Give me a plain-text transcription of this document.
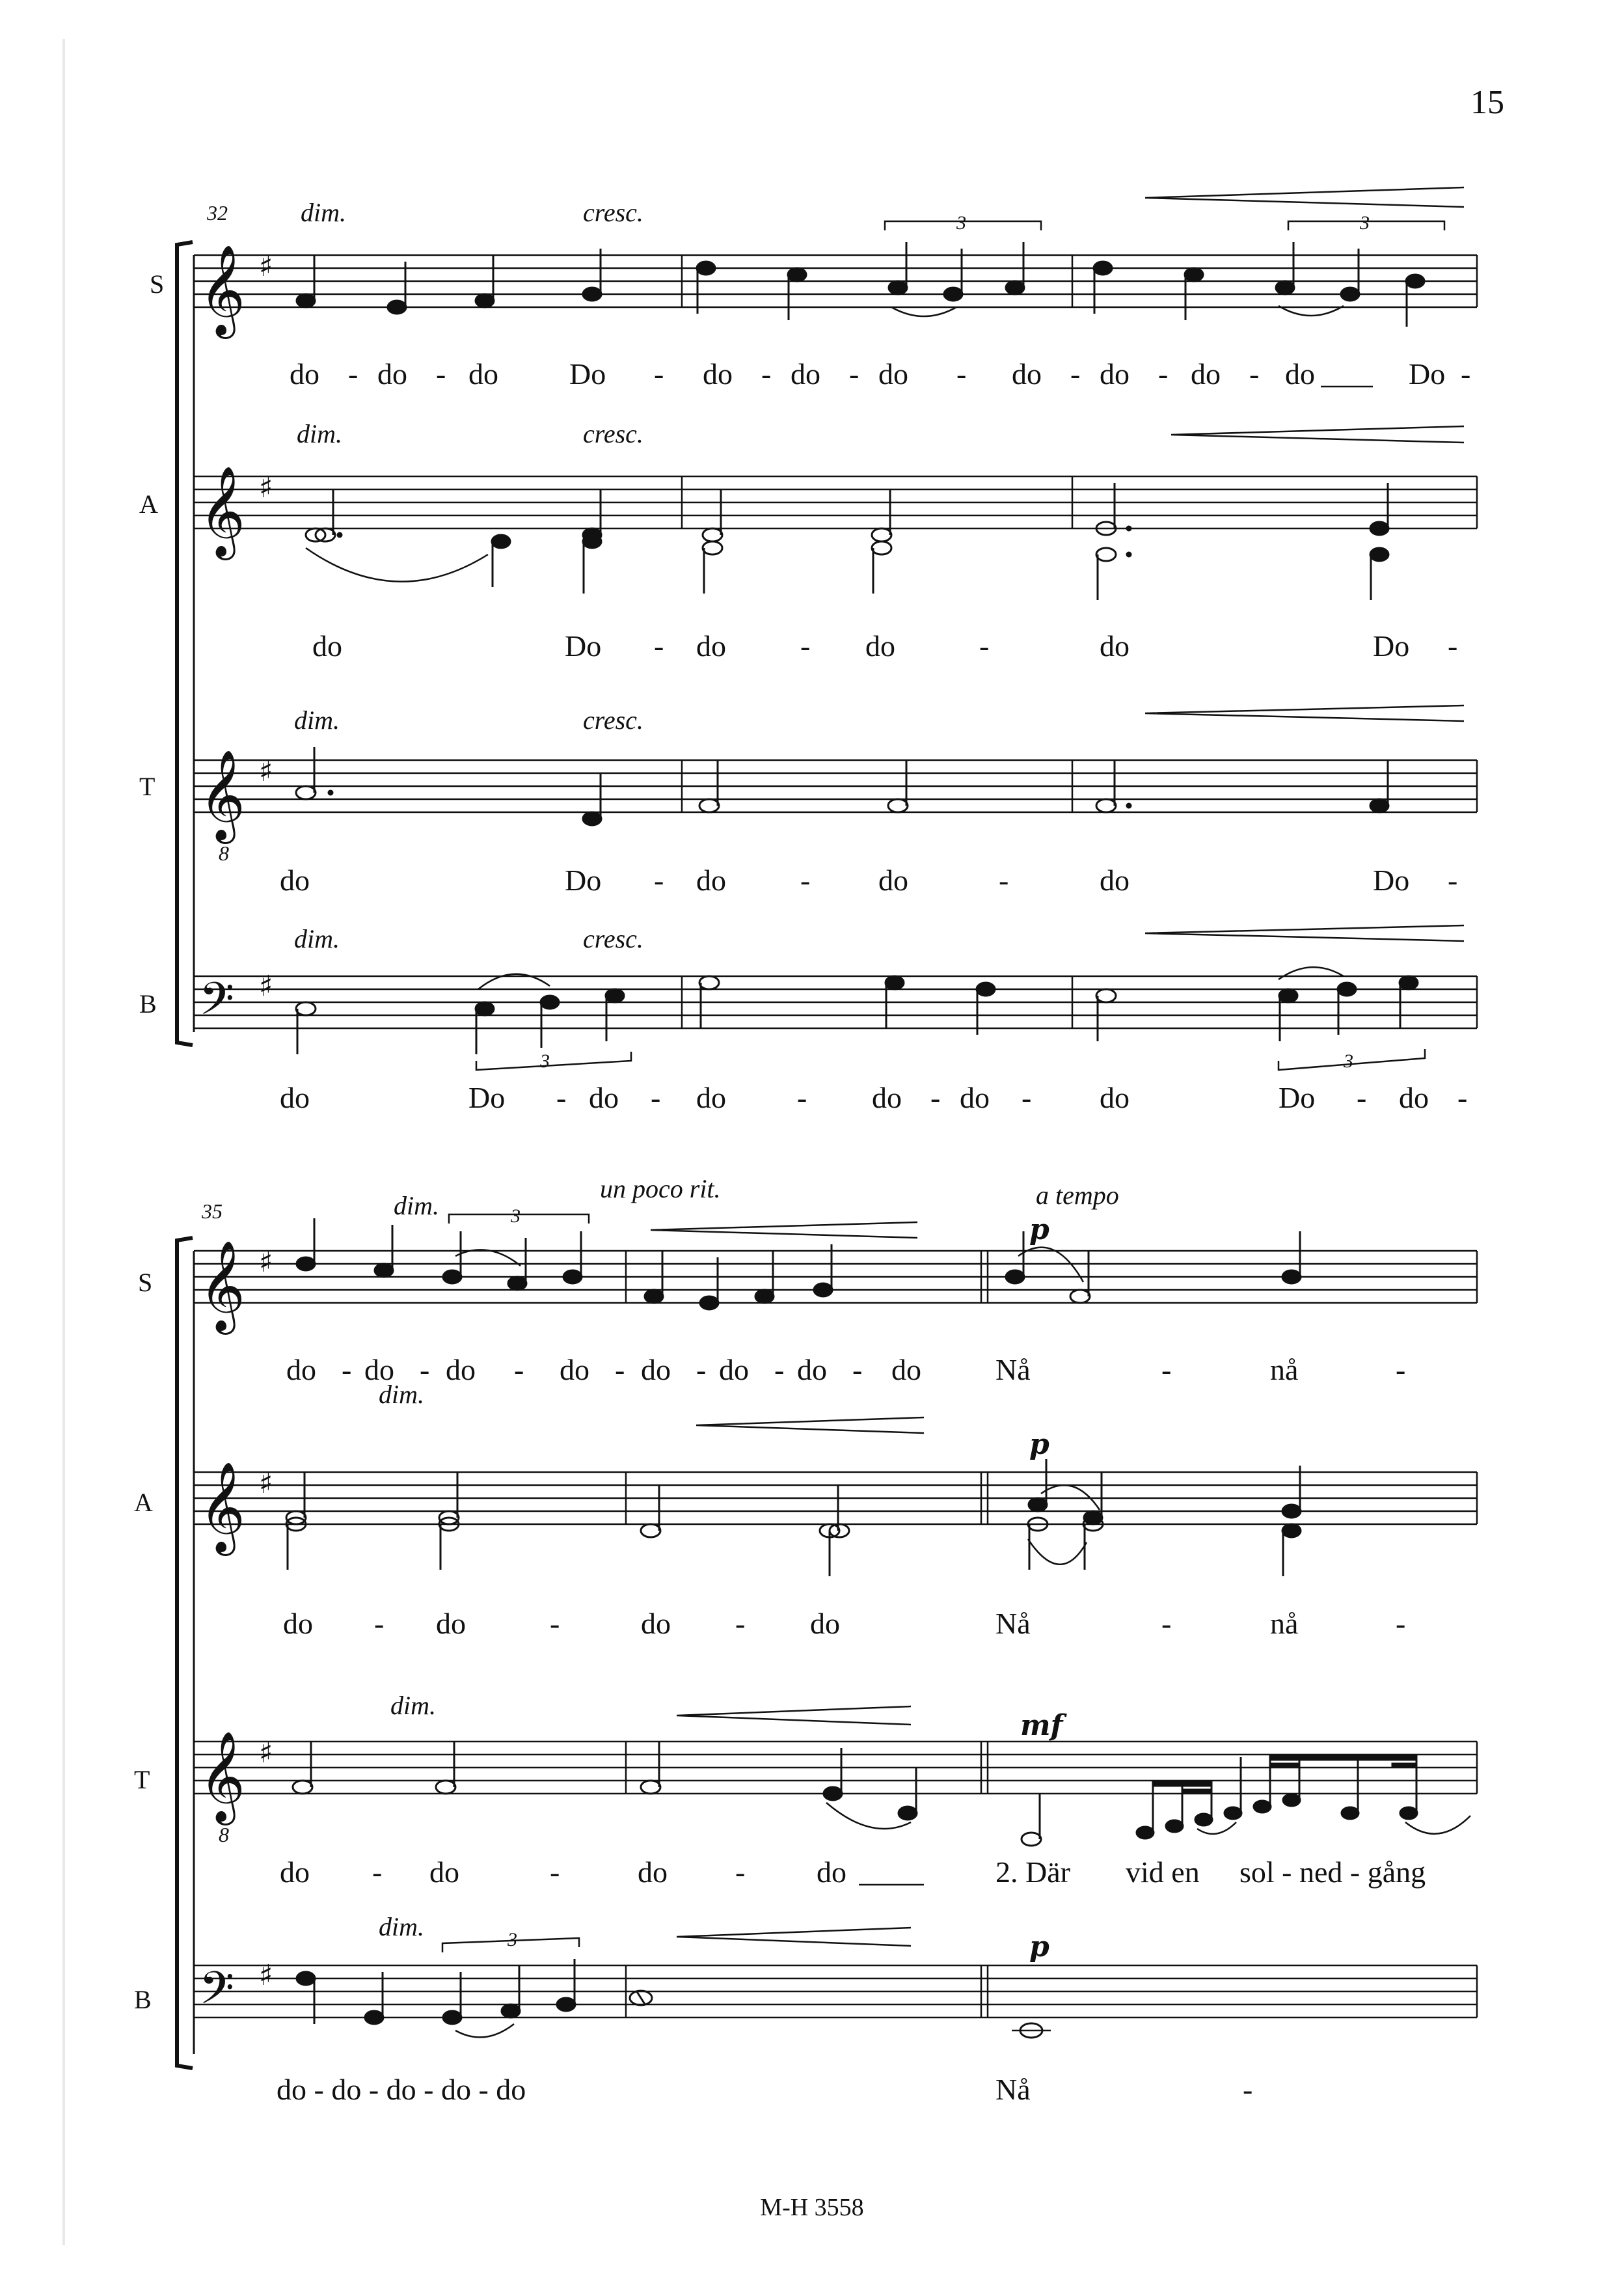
15
M-H 3558
32
S 𝄞 ♯
dim.	cresc.	3	3
do - do - do Do - do - do - do - do - do - do - do	Do -
A 𝄞 ♯
dim.	cresc.
do	Do - do - do	-	do	Do -
T 𝄞
8
♯
dim.	cresc.
do	Do - do - do	-	do	Do -
B 𝄢 ♯
dim.	cresc.
3	3
do	Do - do - do - do - do - do	Do - do -
35
un poco rit.	a tempo
S 𝄞 ♯
dim.
p
3
do - do - do - do - do - do - do - do Nå	-	nå	-
A 𝄞 ♯
dim.
p
do - do	-	do - do	Nå	-	nå	-
T 𝄞
8
♯
dim.
mf
do - do	-	do - do	2. Där vid en sol - ned - gång
B 𝄢 ♯
dim.
p
3
do - do - do - do - do	Nå	-
